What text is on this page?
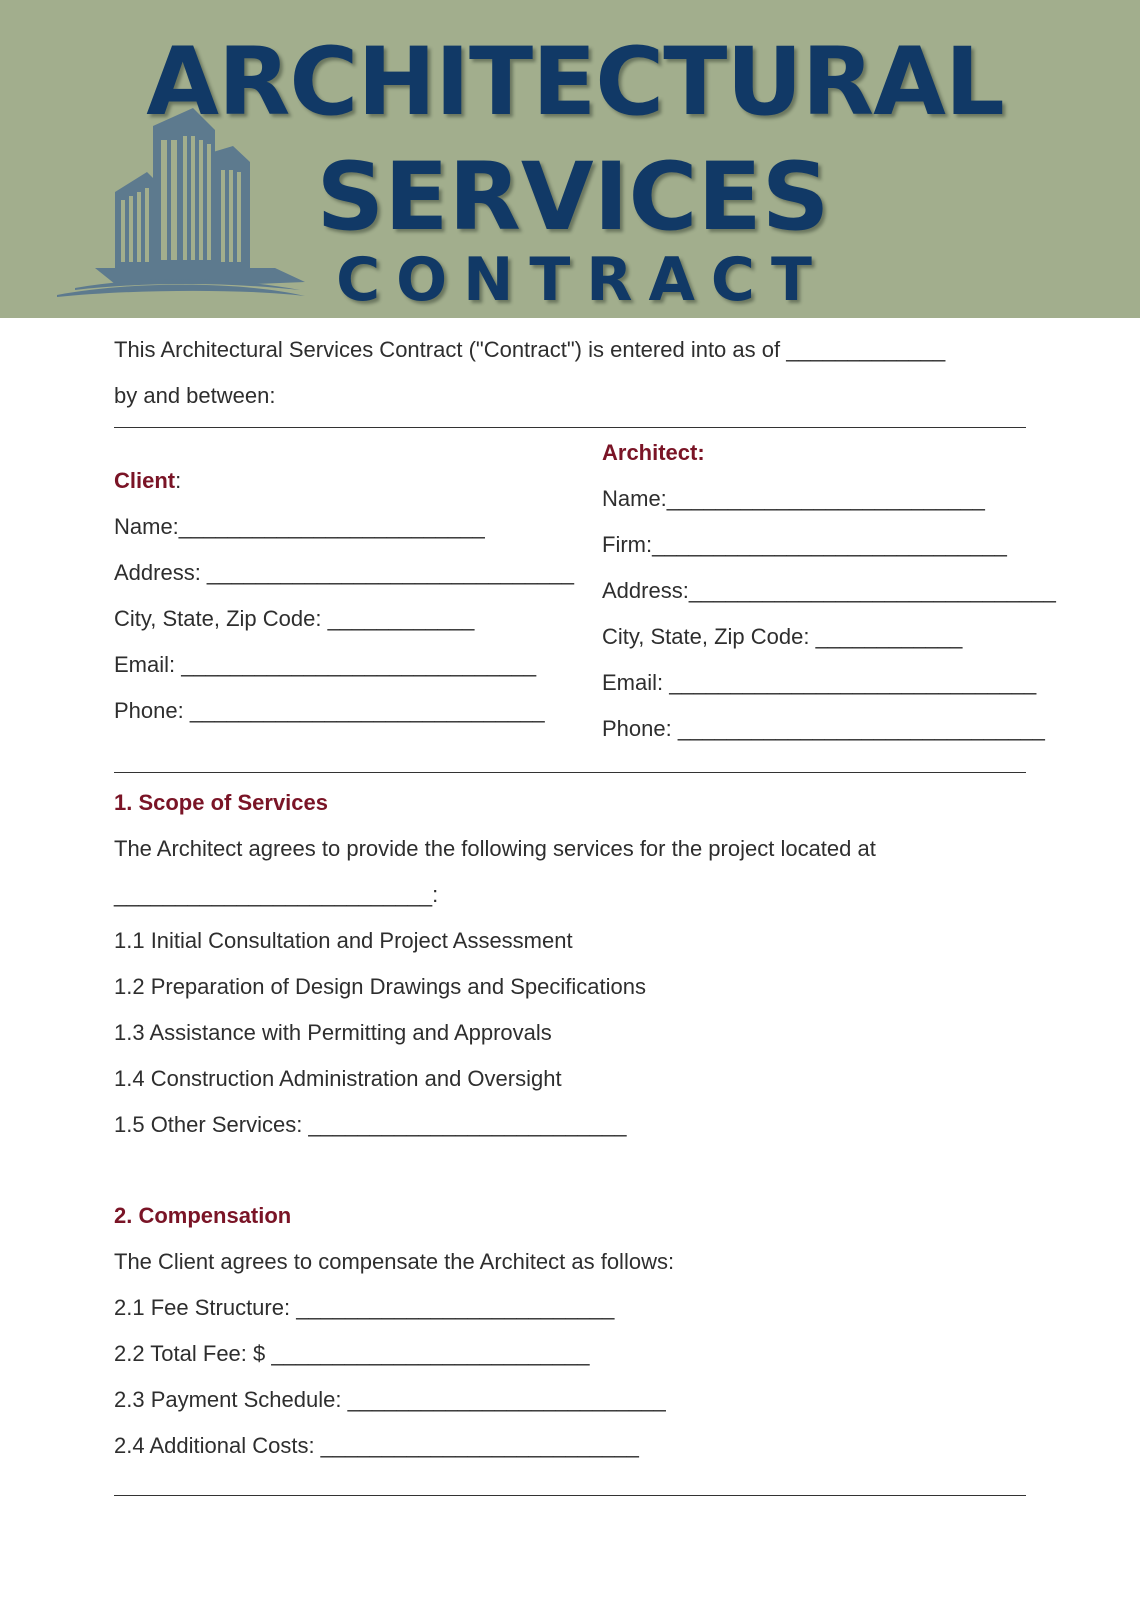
ARCHITECTURAL
SERVICES
CONTRACT

This Architectural Services Contract ("Contract") is entered into as of _____________

by and between:

Client:

Name:_________________________

Address: ______________________________

City, State, Zip Code: ____________

Email: _____________________________

Phone: _____________________________

Architect:

Name:__________________________

Firm:_____________________________

Address:______________________________

City, State, Zip Code: ____________

Email: ______________________________

Phone: ______________________________

1. Scope of Services

The Architect agrees to provide the following services for the project located at

__________________________:

1.1 Initial Consultation and Project Assessment

1.2 Preparation of Design Drawings and Specifications

1.3 Assistance with Permitting and Approvals

1.4 Construction Administration and Oversight

1.5 Other Services: __________________________

2. Compensation

The Client agrees to compensate the Architect as follows:

2.1 Fee Structure: __________________________

2.2 Total Fee: $ __________________________

2.3 Payment Schedule: __________________________

2.4 Additional Costs: __________________________
